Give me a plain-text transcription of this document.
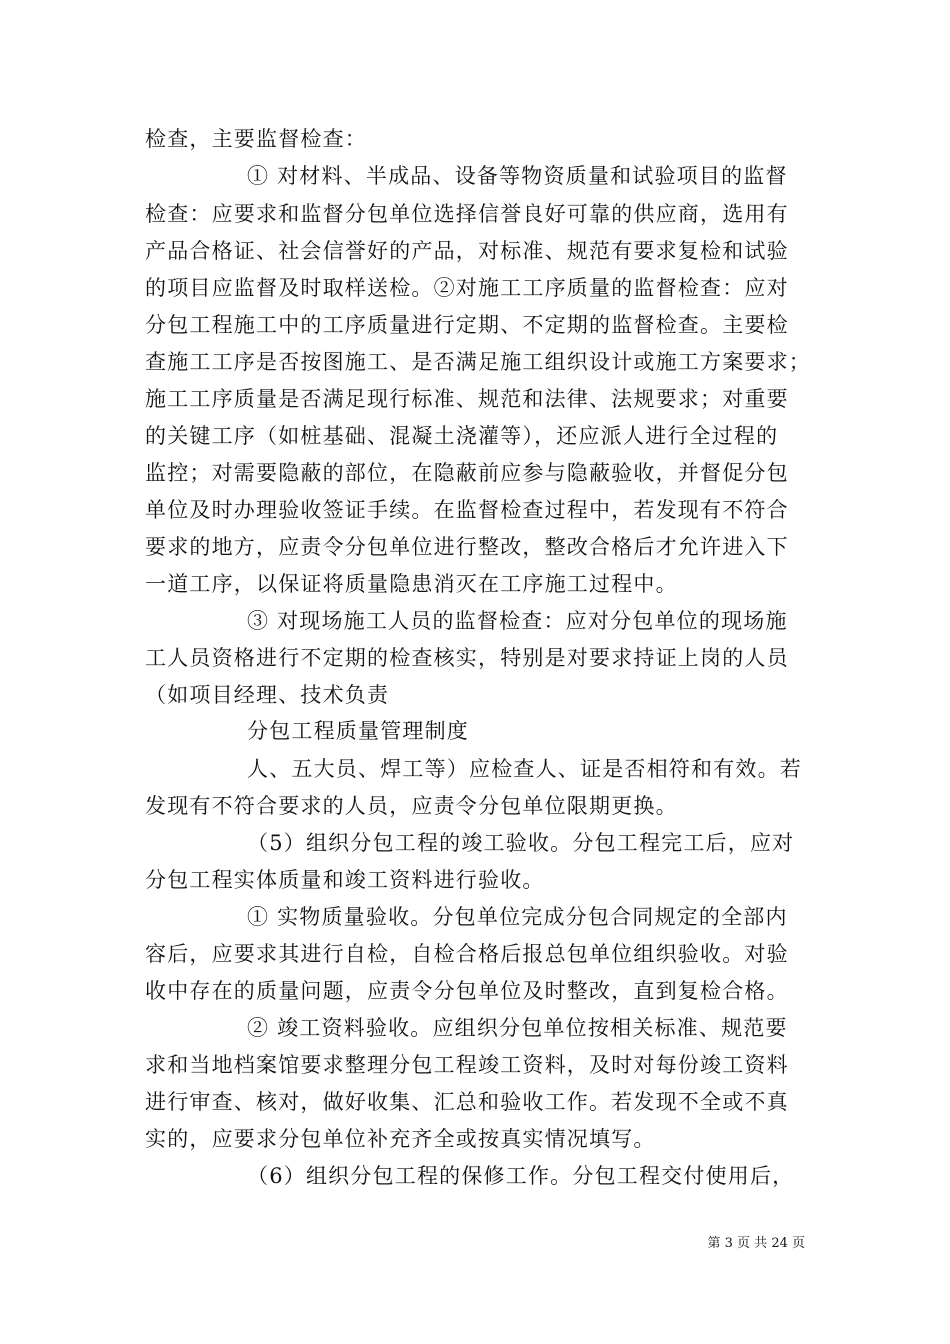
检查，主要监督检查：
① 对材料、半成品、设备等物资质量和试验项目的监督
检查：应要求和监督分包单位选择信誉良好可靠的供应商，选用有
产品合格证、社会信誉好的产品，对标准、规范有要求复检和试验
的项目应监督及时取样送检。②对施工工序质量的监督检查：应对
分包工程施工中的工序质量进行定期、不定期的监督检查。主要检
查施工工序是否按图施工、是否满足施工组织设计或施工方案要求；
施工工序质量是否满足现行标准、规范和法律、法规要求；对重要
的关键工序（如桩基础、混凝土浇灌等），还应派人进行全过程的
监控；对需要隐蔽的部位，在隐蔽前应参与隐蔽验收，并督促分包
单位及时办理验收签证手续。在监督检查过程中，若发现有不符合
要求的地方，应责令分包单位进行整改，整改合格后才允许进入下
一道工序，以保证将质量隐患消灭在工序施工过程中。
③ 对现场施工人员的监督检查：应对分包单位的现场施
工人员资格进行不定期的检查核实，特别是对要求持证上岗的人员
（如项目经理、技术负责
分包工程质量管理制度
人、五大员、焊工等）应检查人、证是否相符和有效。若
发现有不符合要求的人员，应责令分包单位限期更换。
（5）组织分包工程的竣工验收。分包工程完工后，应对
分包工程实体质量和竣工资料进行验收。
① 实物质量验收。分包单位完成分包合同规定的全部内
容后，应要求其进行自检，自检合格后报总包单位组织验收。对验
收中存在的质量问题，应责令分包单位及时整改，直到复检合格。
② 竣工资料验收。应组织分包单位按相关标准、规范要
求和当地档案馆要求整理分包工程竣工资料，及时对每份竣工资料
进行审查、核对，做好收集、汇总和验收工作。若发现不全或不真
实的，应要求分包单位补充齐全或按真实情况填写。
（6）组织分包工程的保修工作。分包工程交付使用后，
第 3 页 共 24 页
